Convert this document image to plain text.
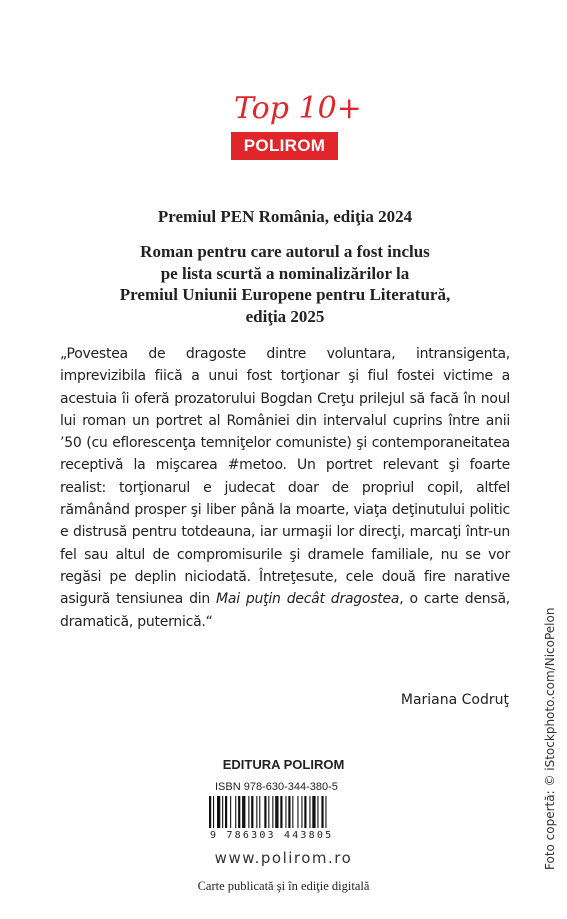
Top 10+
POLIROM
Premiul PEN România, ediţia 2024
Roman pentru care autorul a fost inclus
pe lista scurtă a nominalizărilor la
Premiul Uniunii Europene pentru Literatură,
ediţia 2025

„Povestea de dragoste dintre voluntara, intransigenta, imprevizibila fiică a unui fost torţionar şi fiul fostei victime a acestuia îi oferă prozatorului Bogdan Creţu prilejul să facă în noul lui roman un portret al României din intervalul cuprins între anii ’50 (cu eflorescenţa temniţelor comuniste) şi contemporaneitatea receptivă la mişcarea #metoo. Un portret relevant şi foarte realist: torţionarul e judecat doar de propriul copil, altfel rămânând prosper şi liber până la moarte, viaţa deţinutului politic e distrusă pentru totdeauna, iar urmaşii lor direcţi, marcaţi într-un fel sau altul de compromisurile şi dramele familiale, nu se vor regăsi pe deplin niciodată. Întreţesute, cele două fire narative asigură tensiunea din Mai puţin decât dragostea, o carte densă, dramatică, puternică.“

Mariana Codruţ
EDITURA POLIROM
ISBN 978-630-344-380-5
9 786303 443805
www.polirom.ro
Carte publicată şi în ediţie digitală
Foto copertă: © iStockphoto.com/NicoPelon
